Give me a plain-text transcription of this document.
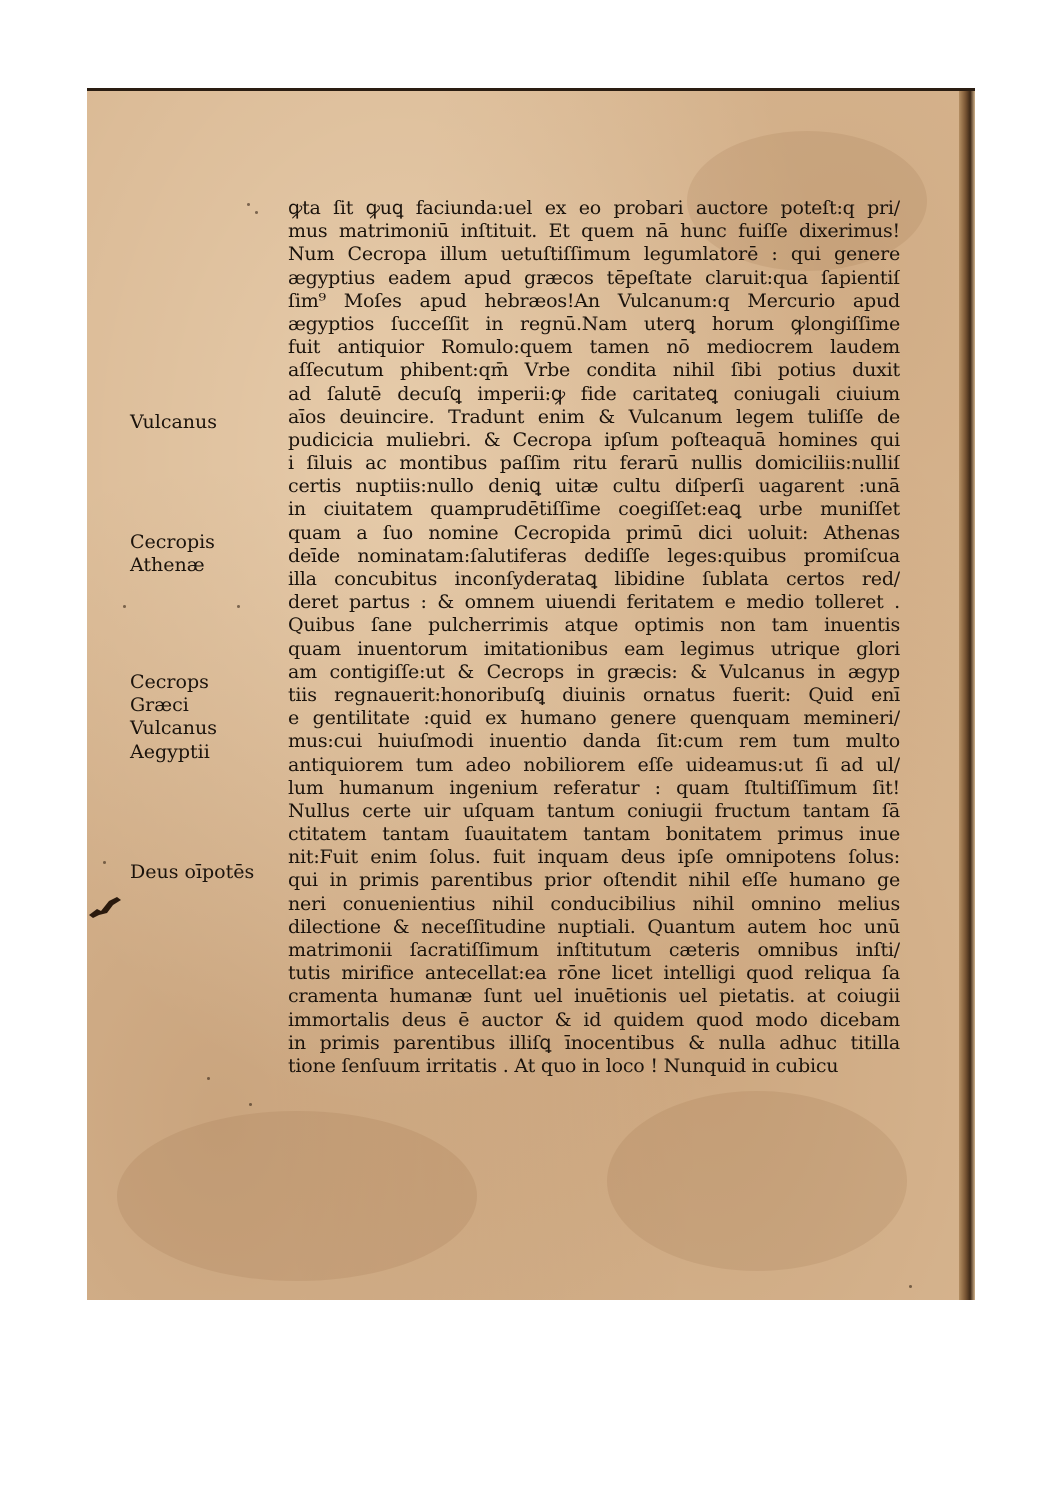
Vulcanus
Cecropis
Athenæ
Cecrops
Græci
Vulcanus
Aegyptii
Deus oīpotēs
ꝙta ſit ꝙuꝗ faciunda:uel ex eo probari auctore poteſt:q pri/
mus matrimoniū inſtituit. Et quem nā hunc fuiſſe dixerimus!
Num Cecropa illum uetuſtiſſimum legumlatorē : qui genere
ægyptius eadem apud græcos tēpeſtate claruit:qua ſapientiſ
ſim⁹ Moſes apud hebræos!An Vulcanum:q Mercurio apud
ægyptios ſucceſſit in regnū.Nam uterꝗ horum ꝙlongiſſime
fuit antiquior Romulo:quem tamen nō mediocrem laudem
aſſecutum phibent:qm̄ Vrbe condita nihil ſibi potius duxit
ad ſalutē decuſꝗ imperii:ꝙ fide caritateꝗ coniugali ciuium
aīos deuincire. Tradunt enim & Vulcanum legem tuliſſe de
pudicicia muliebri. & Cecropa ipſum poſteaquā homines qui
i ſiluis ac montibus paſſim ritu ferarū nullis domiciliis:nulliſ
certis nuptiis:nullo deniꝗ uitæ cultu diſperſi uagarent :unā
in ciuitatem quamprudētiſſime coegiſſet:eaꝗ urbe muniſſet
quam a ſuo nomine Cecropida primū dici uoluit: Athenas
deīde nominatam:ſalutiferas dediſſe leges:quibus promiſcua
illa concubitus inconſyderataꝗ libidine ſublata certos red/
deret partus : & omnem uiuendi feritatem e medio tolleret .
Quibus ſane pulcherrimis atque optimis non tam inuentis
quam inuentorum imitationibus eam legimus utrique glori
am contigiſſe:ut & Cecrops in græcis: & Vulcanus in ægyp
tiis regnauerit:honoribuſꝗ diuinis ornatus fuerit: Quid enī
e gentilitate :quid ex humano genere quenquam memineri/
mus:cui huiuſmodi inuentio danda ſit:cum rem tum multo
antiquiorem tum adeo nobiliorem eſſe uideamus:ut ſi ad ul/
lum humanum ingenium referatur : quam ſtultiſſimum ſit!
Nullus certe uir uſquam tantum coniugii fructum tantam ſā
ctitatem tantam ſuauitatem tantam bonitatem primus inue
nit:Fuit enim ſolus. fuit inquam deus ipſe omnipotens ſolus:
qui in primis parentibus prior oſtendit nihil eſſe humano ge
neri conuenientius nihil conducibilius nihil omnino melius
dilectione & neceſſitudine nuptiali. Quantum autem hoc unū
matrimonii ſacratiſſimum inſtitutum cæteris omnibus inſti/
tutis mirifice antecellat:ea rōne licet intelligi quod reliqua ſa
cramenta humanæ ſunt uel inuētionis uel pietatis. at coiugii
immortalis deus ē auctor & id quidem quod modo dicebam
in primis parentibus illiſꝗ īnocentibus & nulla adhuc titilla
tione ſenſuum irritatis . At quo in loco ! Nunquid in cubicu
